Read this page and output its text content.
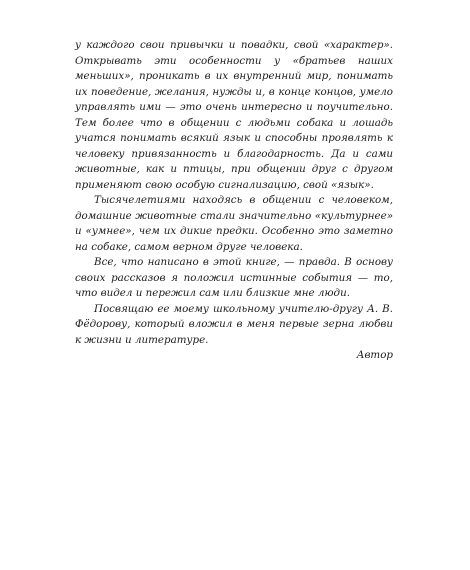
у каждого свои привычки и повадки, свой «характер». Открывать эти особенности у «братьев наших меньших», проникать в их внутренний мир, понимать их поведение, желания, нужды и, в конце концов, умело управлять ими — это очень интересно и поучительно. Тем более что в общении с людьми собака и лошадь учатся понимать всякий язык и способны проявлять к человеку привязанность и благодарность. Да и сами животные, как и птицы, при общении друг с другом применяют свою особую сигнализацию, свой «язык».

Тысячелетиями находясь в общении с человеком, домашние животные стали значительно «культурнее» и «умнее», чем их дикие предки. Особенно это заметно на собаке, самом верном друге человека.

Все, что написано в этой книге, — правда. В основу своих рассказов я положил истинные события — то, что видел и пережил сам или близкие мне люди.

Посвящаю ее моему школьному учителю-другу А. В. Фёдорову, который вложил в меня первые зерна любви к жизни и литературе.

Автор
